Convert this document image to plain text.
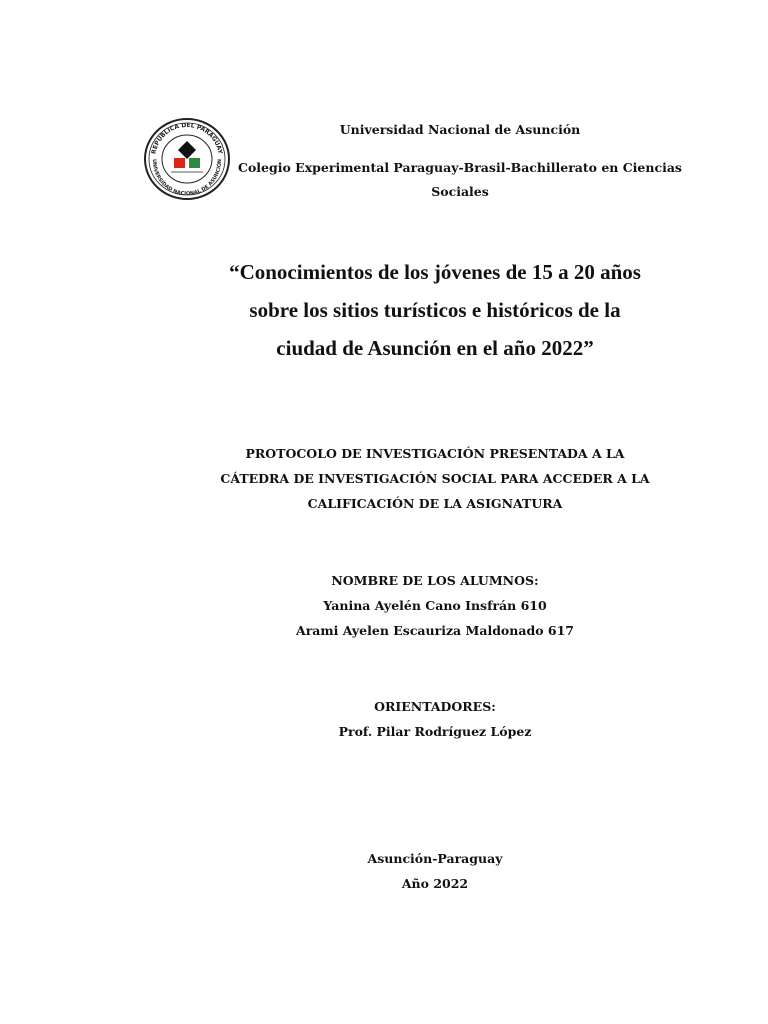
REPÚBLICA DEL PARAGUAY
UNIVERSIDAD NACIONAL DE ASUNCIÓN
Universidad Nacional de Asunción
Colegio Experimental Paraguay-Brasil-Bachillerato en Ciencias Sociales
“Conocimientos de los jóvenes de 15 a 20 años
sobre los sitios turísticos e históricos de la
ciudad de Asunción en el año 2022”
PROTOCOLO DE INVESTIGACIÓN PRESENTADA A LA
CÁTEDRA DE INVESTIGACIÓN SOCIAL PARA ACCEDER A LA
CALIFICACIÓN DE LA ASIGNATURA
NOMBRE DE LOS ALUMNOS:
Yanina Ayelén Cano Insfrán 610
Arami Ayelen Escauriza Maldonado 617
ORIENTADORES:
Prof. Pilar Rodríguez López
Asunción-Paraguay
Año 2022
